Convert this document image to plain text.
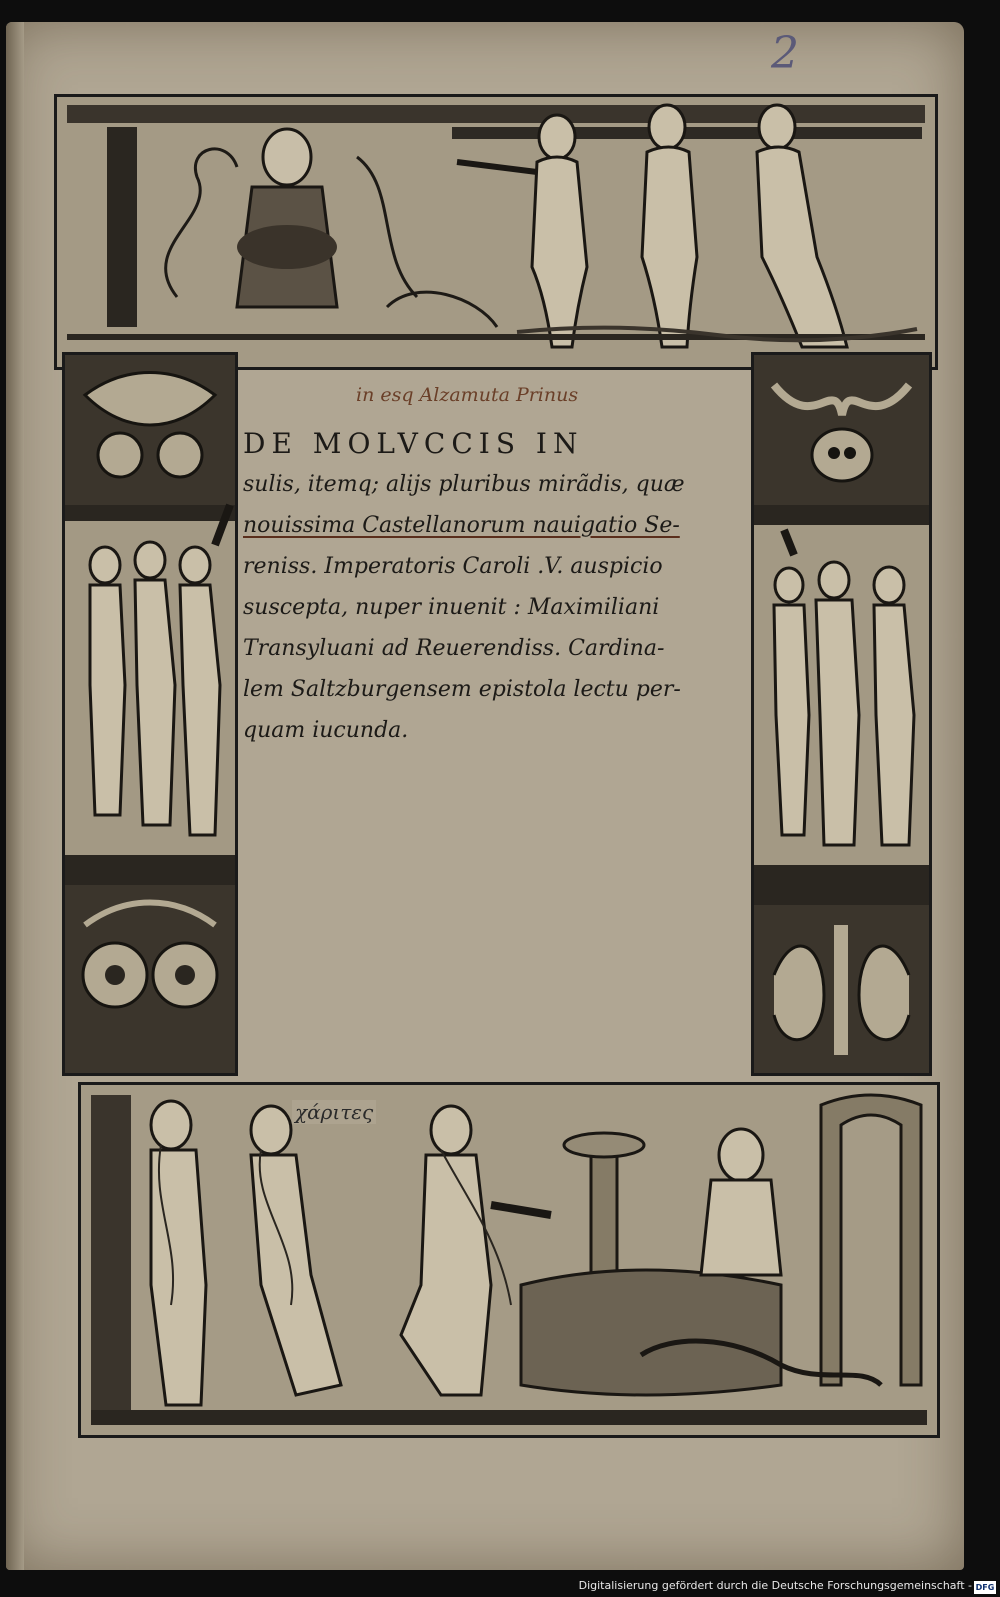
2
in esq Alzamuta Prinus
χάριτες
DE MOLVCCIS IN

sulis, itemq; alijs pluribus mirãdis, quæ

nouissima Castellanorum nauigatio Se-

reniss. Imperatoris Caroli .V. auspicio

suscepta, nuper inuenit : Maximiliani

Transyluani ad Reuerendiss. Cardina-

lem Saltzburgensem epistola lectu per-

quam iucunda.

Digitalisierung gefördert durch die Deutsche Forschungsgemeinschaft - DFG
